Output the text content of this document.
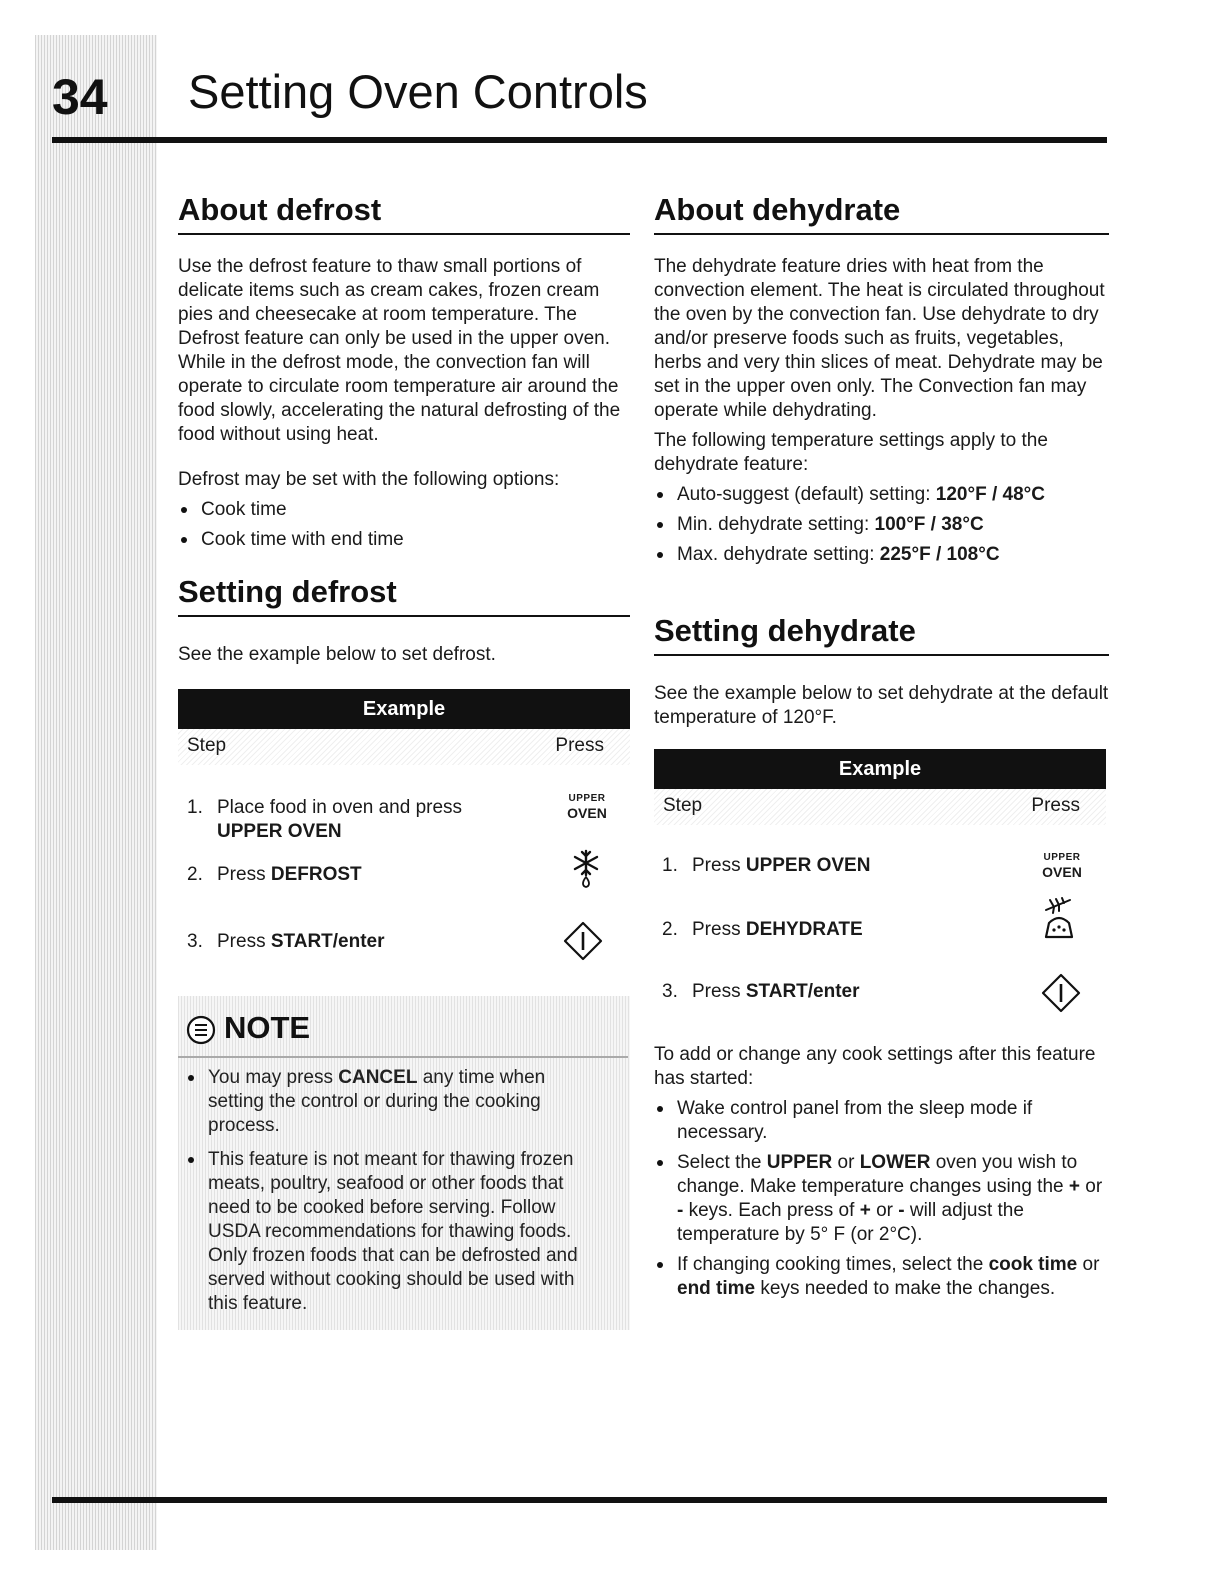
34 Setting Oven Controls
About defrost

Use the defrost feature to thaw small portions of delicate items such as cream cakes, frozen cream pies and cheesecake at room temperature. The Defrost feature can only be used in the upper oven. While in the defrost mode, the convection fan will operate to circulate room temperature air around the food slowly, accelerating the natural defrosting of the food without using heat.

Defrost may be set with the following options:

Cook time
Cook time with end time
Setting defrost

See the example below to set defrost.

Example
Step	Press
1. Place food in oven and press
UPPER OVEN
UPPER
OVEN
2. Press DEFROST
3. Press START/enter
NOTE
You may press CANCEL any time when setting the control or during the cooking process.
This feature is not meant for thawing frozen meats, poultry, seafood or other foods that need to be cooked before serving. Follow USDA recommendations for thawing foods. Only frozen foods that can be defrosted and served without cooking should be used with this feature.
About dehydrate

The dehydrate feature dries with heat from the convection element. The heat is circulated throughout the oven by the convection fan. Use dehydrate to dry and/or preserve foods such as fruits, vegetables, herbs and very thin slices of meat. Dehydrate may be set in the upper oven only. The Convection fan may operate while dehydrating.

The following temperature settings apply to the dehydrate feature:

Auto-suggest (default) setting: 120°F / 48°C
Min. dehydrate setting: 100°F / 38°C
Max. dehydrate setting: 225°F / 108°C
Setting dehydrate

See the example below to set dehydrate at the default temperature of 120°F.

Example
Step	Press
1. Press UPPER OVEN	UPPER
OVEN
2. Press DEHYDRATE
3. Press START/enter

To add or change any cook settings after this feature has started:

Wake control panel from the sleep mode if necessary.
Select the UPPER or LOWER oven you wish to change. Make temperature changes using the + or - keys. Each press of + or - will adjust the temperature by 5° F (or 2°C).
If changing cooking times, select the cook time or end time keys needed to make the changes.
